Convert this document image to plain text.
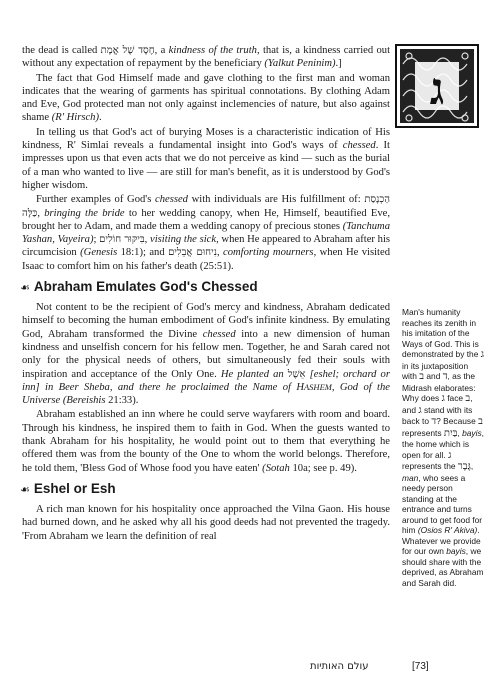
the dead is called חֶסֶד שֶׁל אֱמֶת, a kindness of the truth, that is, a kindness carried out without any expectation of repayment by the beneficiary (Yalkut Peninim).]

The fact that God Himself made and gave clothing to the first man and woman indicates that the wearing of garments has spiritual connotations. By clothing Adam and Eve, God protected man not only against inclemencies of nature, but also against shame (R' Hirsch).

In telling us that God's act of burying Moses is a characteristic indication of His kindness, R' Simlai reveals a fundamental insight into God's ways of chessed. It impresses upon us that even acts that we do not perceive as kind — such as the burial of a man who wanted to live — are still for man's benefit, as it is understood by God's higher wisdom.

Further examples of God's chessed with individuals are His fulfillment of: הַכְנָסַת כַּלָּה, bringing the bride to her wedding canopy, when He, Himself, beautified Eve, brought her to Adam, and made them a wedding canopy of precious stones (Tanchuma Yashan, Vayeira); בִּיקּוּר חוֹלִים, visiting the sick, when He appeared to Abraham after his circumcision (Genesis 18:1); and נִיחוּם אֲבֵלִים, comforting mourners, when He visited Isaac to comfort him on his father's death (25:51).

☙ Abraham Emulates God's Chessed

Not content to be the recipient of God's mercy and kindness, Abraham dedicated himself to becoming the human embodiment of God's infinite kindness. By emulating God, Abraham transformed the Divine chessed into a new dimension of human kindness and unselfish concern for his fellow men. Together, he and Sarah cared not only for the physical needs of others, but simultaneously fed their souls with inspiration and acceptance of the Only One. He planted an אֵשֶׁל [eshel; orchard or inn] in Beer Sheba, and there he proclaimed the Name of HASHEM, God of the Universe (Bereishis 21:33).

Abraham established an inn where he could serve wayfarers with room and board. Through his kindness, he inspired them to faith in God. When the guests wanted to thank Abraham for his hospitality, he would point out to them that everything he offered them was from the bounty of the One to whom the world belongs. Therefore, he told them, 'Bless God of Whose food you have eaten' (Sotah 10a; see p. 49).

☙ Eshel or Esh

A rich man known for his hospitality once approached the Vilna Gaon. His house had burned down, and he asked why all his good deeds had not prevented the tragedy. 'From Abraham we learn the definition of real

ג
Man's humanity reaches its zenith in his imitation of the Ways of God. This is demonstrated by the ג in its juxtaposition with ב and ד, as the Midrash elaborates: Why does ג face ב, and ג stand with its back to ד? Because ב represents בַּיִת, bayis, the home which is open for all. ג represents the גֶּבֶר, man, who sees a needy person standing at the entrance and turns around to get food for him (Osios R' Akiva). Whatever we provide for our own bayis, we should share with the deprived, as Abraham and Sarah did.
עולם האותיות	[73]
